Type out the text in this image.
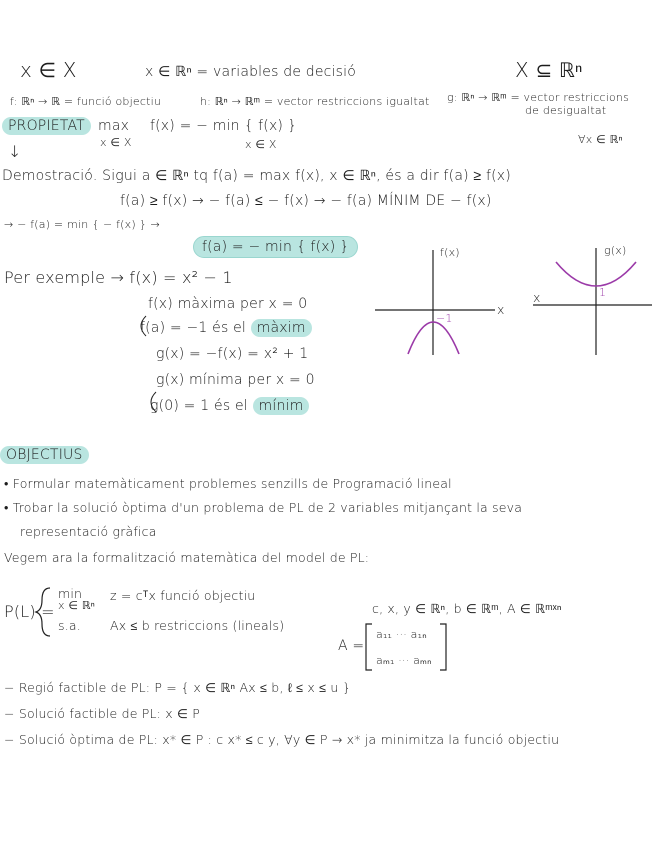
x ∈ X	x ∈ ℝⁿ = variables de decisió	X ⊆ ℝⁿ
f: ℝⁿ → ℝ = funció objectiu	h: ℝⁿ → ℝᵐ = vector restriccions igualtat g: ℝⁿ → ℝᵐ = vector restriccions
de desigualtat
PROPIETAT max
x ∈ X
f(x) = − min { f(x) }
x ∈ X	∀x ∈ ℝⁿ
↓
Demostració. Sigui a ∈ ℝⁿ tq f(a) = max f(x), x ∈ ℝⁿ, és a dir f(a) ≥ f(x)
f(a) ≥ f(x) → − f(a) ≤ − f(x) → − f(a) MÍNIM DE − f(x)
→ − f(a) = min { − f(x) } →
f(a) = − min { f(x) }
Per exemple → f(x) = x² − 1
f(x) màxima per x = 0
f(a) = −1 és el màxim
g(x) = −f(x) = x² + 1
g(x) mínima per x = 0
g(0) = 1 és el mínim
f(x)
x
−1
g(x)
x	1
OBJECTIUS
• Formular matemàticament problemes senzills de Programació lineal
• Trobar la solució òptima d'un problema de PL de 2 variables mitjançant la seva
representació gràfica
Vegem ara la formalització matemàtica del model de PL:
P(L) =
min
x ∈ ℝⁿ
z = cᵀx funció objectiu
s.a. Ax ≤ b restriccions (lineals)
c, x, y ∈ ℝⁿ, b ∈ ℝᵐ, A ∈ ℝᵐˣⁿ
A =
a₁₁ ··· a₁ₙ
aₘ₁ ··· aₘₙ
− Regió factible de PL: P = { x ∈ ℝⁿ Ax ≤ b, ℓ ≤ x ≤ u }
− Solució factible de PL: x ∈ P
− Solució òptima de PL: x* ∈ P : c x* ≤ c y, ∀y ∈ P → x* ja minimitza la funció objectiu
